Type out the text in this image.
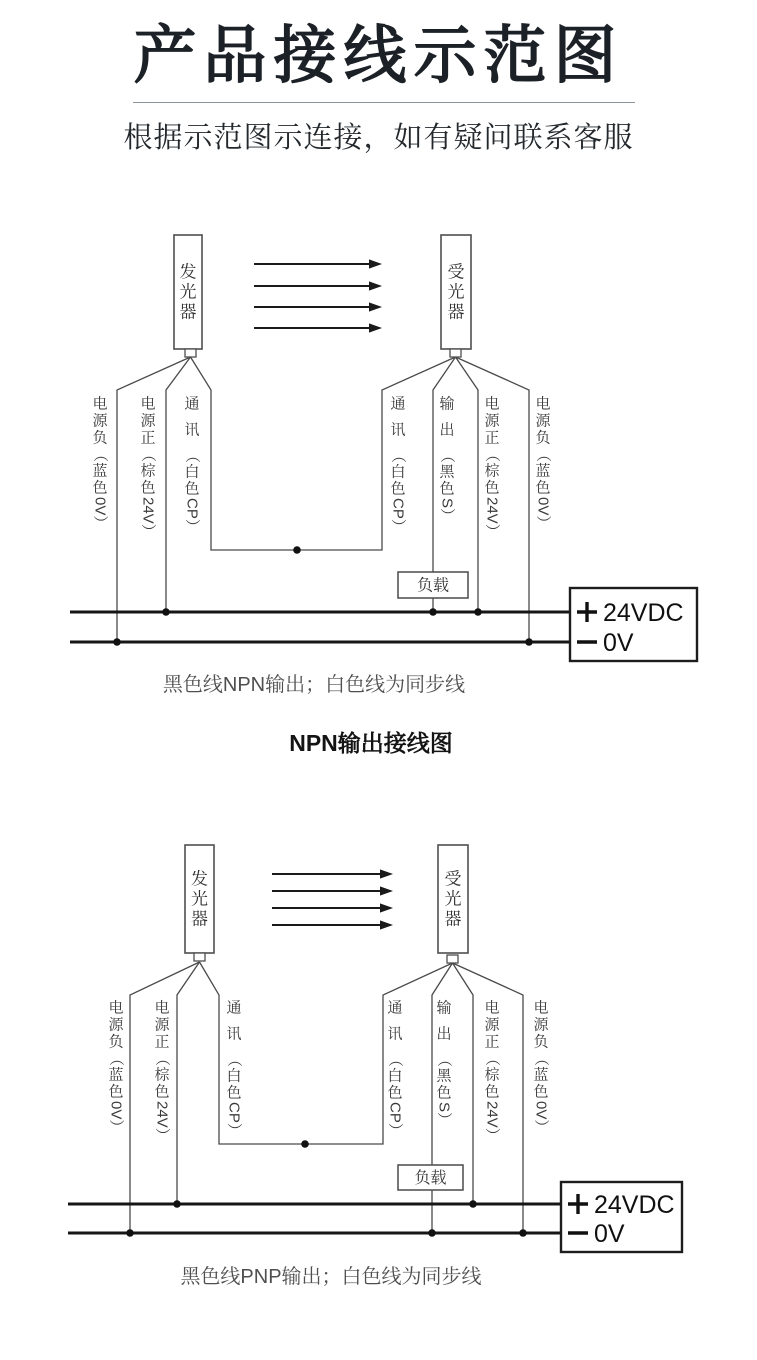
产品接线示范图
根据示范图示连接，如有疑问联系客服
发
光
器
受
光
器
负载
24VDC
0V
电
源
负
（
蓝
色
0V）
电
源
正
（
棕
色
24V）
通
讯
（
白
色
CP）
通
讯
（
白
色
CP）
输
出
（
黑
色
S）
电
源
正
（
棕
色
24V）
电
源
负
（
蓝
色
0V）
发
光
器
受
光
器
负载
24VDC
0V
电
源
负
（
蓝
色
0V）
电
源
正
（
棕
色
24V）
通
讯
（
白
色
CP）
通
讯
（
白
色
CP）
输
出
（
黑
色
S）
电
源
正
（
棕
色
24V）
电
源
负
（
蓝
色
0V）
黑色线NPN输出；白色线为同步线
NPN输出接线图
黑色线PNP输出；白色线为同步线
